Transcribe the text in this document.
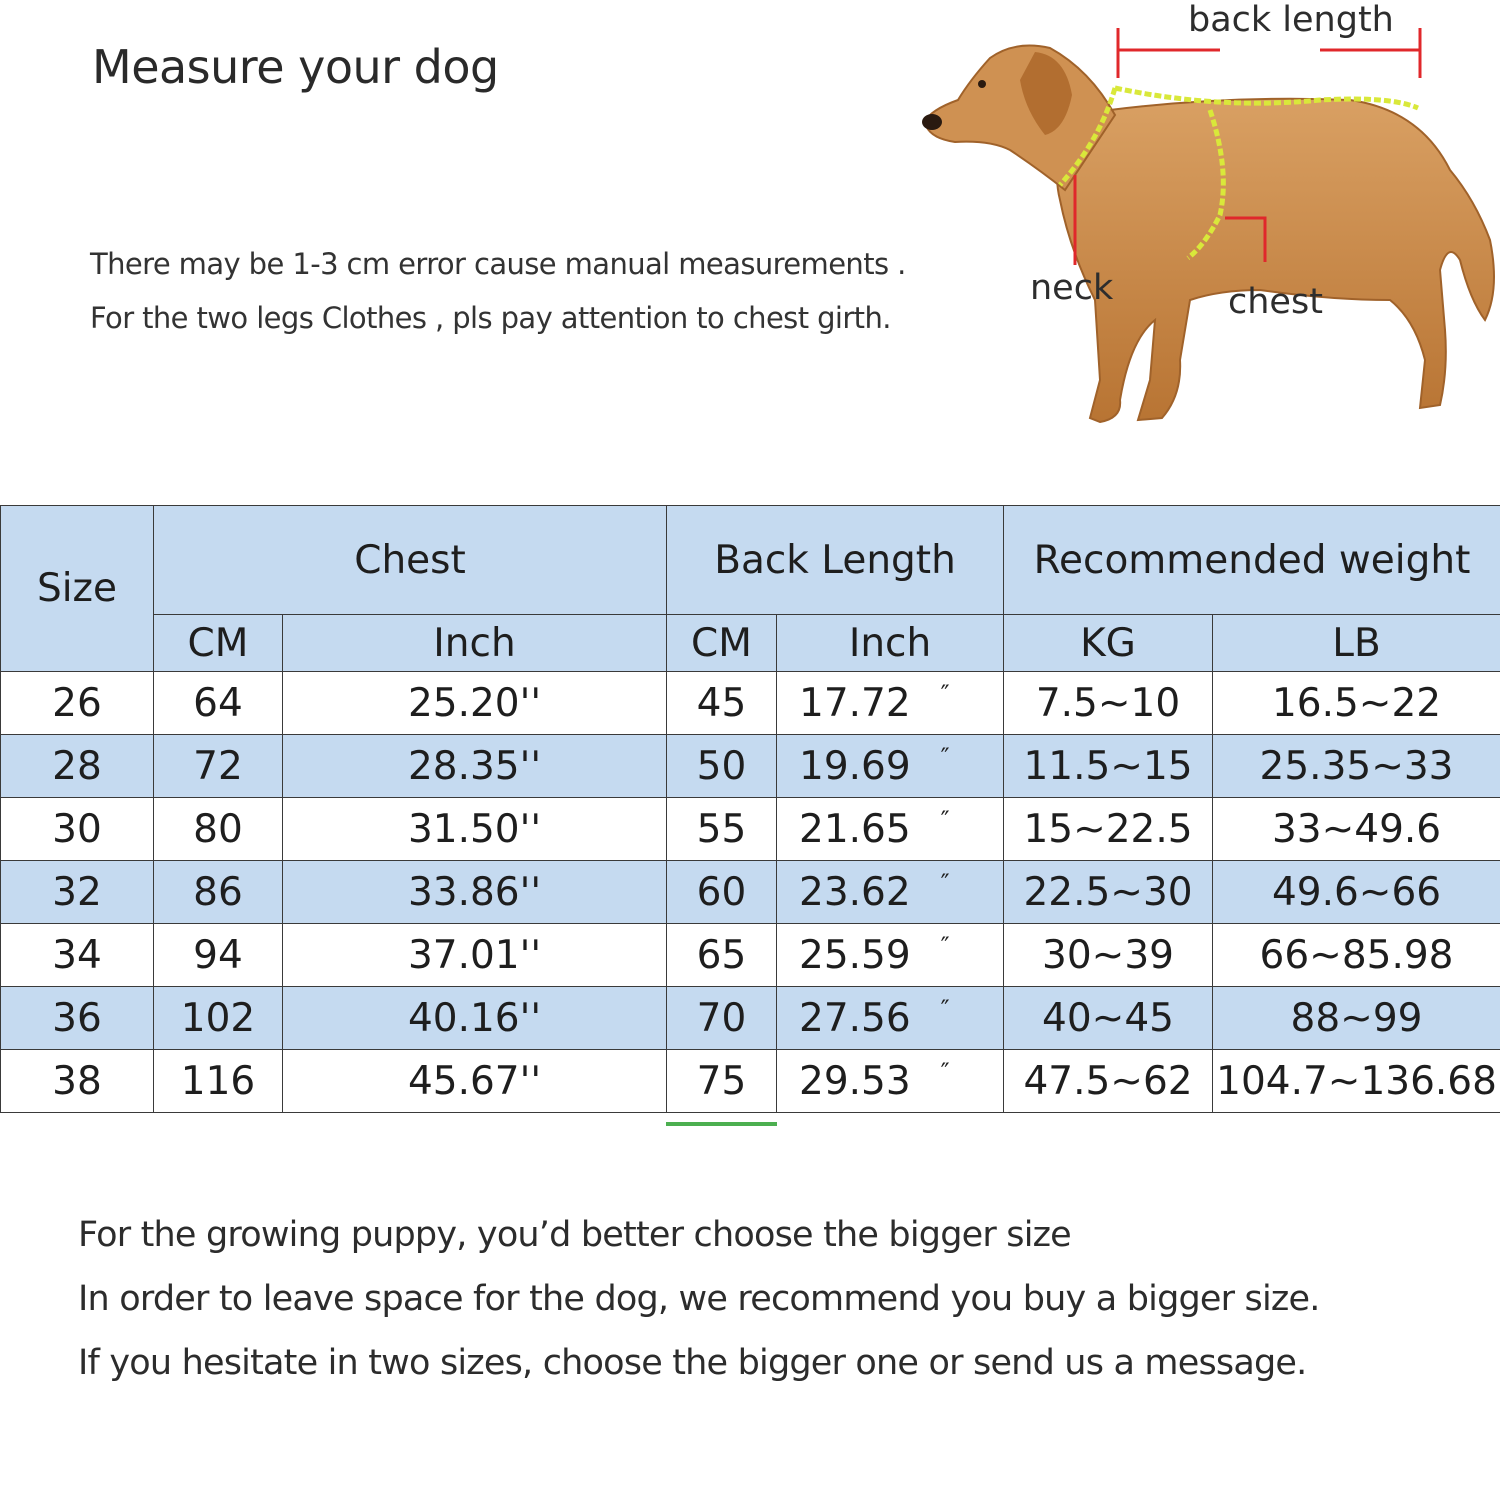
Measure your dog
There may be 1-3 cm error cause manual measurements .
For the two legs Clothes , pls pay attention to chest girth.
back length
neck	chest
Size	Chest		Back Length		Recommended weight	
	CM	Inch	CM	Inch	KG	LB
26	64	25.20''	45	17.72 ″	7.5~10	16.5~22
28	72	28.35''	50	19.69 ″	11.5~15	25.35~33
30	80	31.50''	55	21.65 ″	15~22.5	33~49.6
32	86	33.86''	60	23.62 ″	22.5~30	49.6~66
34	94	37.01''	65	25.59 ″	30~39	66~85.98
36	102	40.16''	70	27.56 ″	40~45	88~99
38	116	45.67''	75	29.53 ″	47.5~62	104.7~136.68
For the growing puppy, you’d better choose the bigger size
In order to leave space for the dog, we recommend you buy a bigger size.
If you hesitate in two sizes, choose the bigger one or send us a message.
